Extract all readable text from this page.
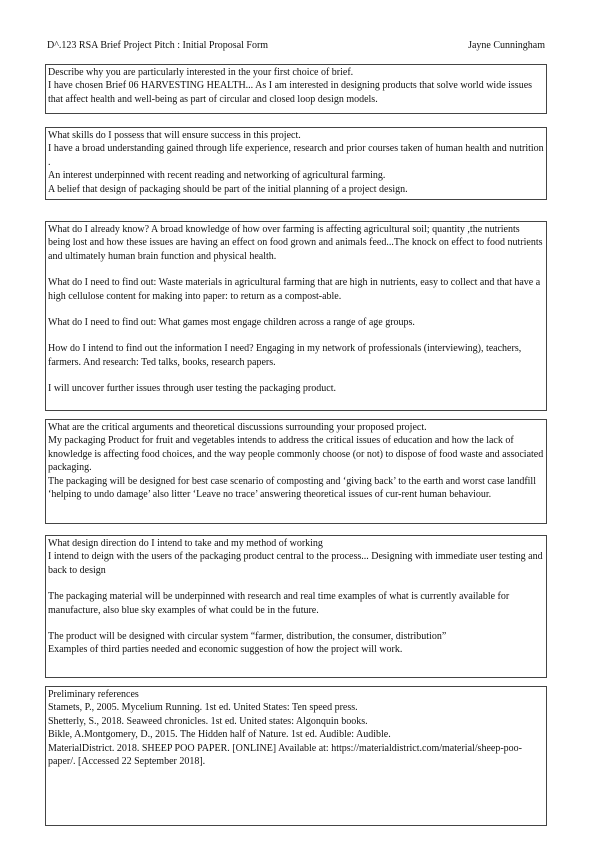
D^.123 RSA Brief Project Pitch : Initial Proposal Form	Jayne Cunningham

Describe why you are particularly interested in the your first choice of brief.

I have chosen Brief 06 HARVESTING HEALTH... As I am interested in designing products that solve world wide issues that affect health and well-being as part of circular and closed loop design models.

What skills do I possess that will ensure success in this project.

I have a broad understanding gained through life experience, research and prior courses taken of human health and nutrition .

An interest underpinned with recent reading and networking of agricultural farming.

A belief that design of packaging should be part of the initial planning of a project design.

What do I already know? A broad knowledge of how over farming is affecting agricultural soil; quantity ,the nutrients being lost and how these issues are having an effect on food grown and animals feed...The knock on effect to food nutrients and ultimately human brain function and physical health.

What do I need to find out: Waste materials in agricultural farming that are high in nutrients, easy to collect and that have a high cellulose content for making into paper: to return as a compost-able.

What do I need to find out: What games most engage children across a range of age groups.

How do I intend to find out the information I need? Engaging in my network of professionals (interviewing), teachers, farmers. And research: Ted talks, books, research papers.

I will uncover further issues through user testing the packaging product.

What are the critical arguments and theoretical discussions surrounding your proposed project.

My packaging Product for fruit and vegetables intends to address the critical issues of education and how the lack of knowledge is affecting food choices, and the way people commonly choose (or not) to dispose of food waste and associated packaging.

The packaging will be designed for best case scenario of composting and ‘giving back’ to the earth and worst case landfill ‘helping to undo damage’ also litter ‘Leave no trace’ answering theoretical issues of cur-rent human behaviour.

What design direction do I intend to take and my method of working

I intend to deign with the users of the packaging product central to the process... Designing with immediate user testing and back to design

The packaging material will be underpinned with research and real time examples of what is currently available for manufacture, also blue sky examples of what could be in the future.

The product will be designed with circular system “farmer, distribution, the consumer, distribution”

Examples of third parties needed and economic suggestion of how the project will work.

Preliminary references

Stamets, P., 2005. Mycelium Running. 1st ed. United States: Ten speed press.

Shetterly, S., 2018. Seaweed chronicles. 1st ed. United states: Algonquin books.

Bikle, A.Montgomery, D., 2015. The Hidden half of Nature. 1st ed. Audible: Audible.

MaterialDistrict. 2018. SHEEP POO PAPER. [ONLINE] Available at: https://materialdistrict.com/material/sheep-poo-paper/. [Accessed 22 September 2018].
